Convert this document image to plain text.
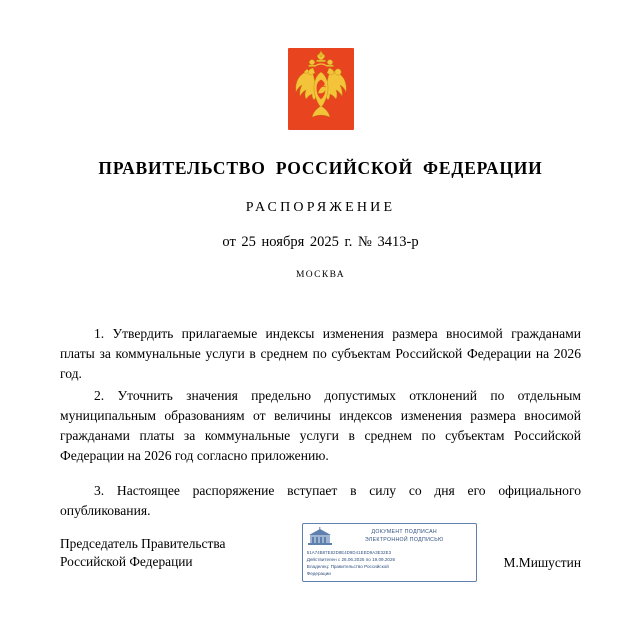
ПРАВИТЕЛЬСТВО РОССИЙСКОЙ ФЕДЕРАЦИИ
РАСПОРЯЖЕНИЕ
от 25 ноября 2025 г. № 3413-р
МОСКВА

1. Утвердить прилагаемые индексы изменения размера вносимой гражданами платы за коммунальные услуги в среднем по субъектам Российской Федерации на 2026 год.

2. Уточнить значения предельно допустимых отклонений по отдельным муниципальным образованиям от величины индексов изменения размера вносимой гражданами платы за коммунальные услуги в среднем по субъектам Российской Федерации на 2026 год согласно приложению.

3. Настоящее распоряжение вступает в силу со дня его официального опубликования.

Председатель Правительства
Российской Федерации
ДОКУМЕНТ ПОДПИСАН
ЭЛЕКТРОННОЙ ПОДПИСЬЮ
51A74B87E82D8E4D9D41EED9A3E32E3
Действителен с 26.06.2025 по 19.09.2026
Владелец: Правительство Российской
Федерации
М.Мишустин
